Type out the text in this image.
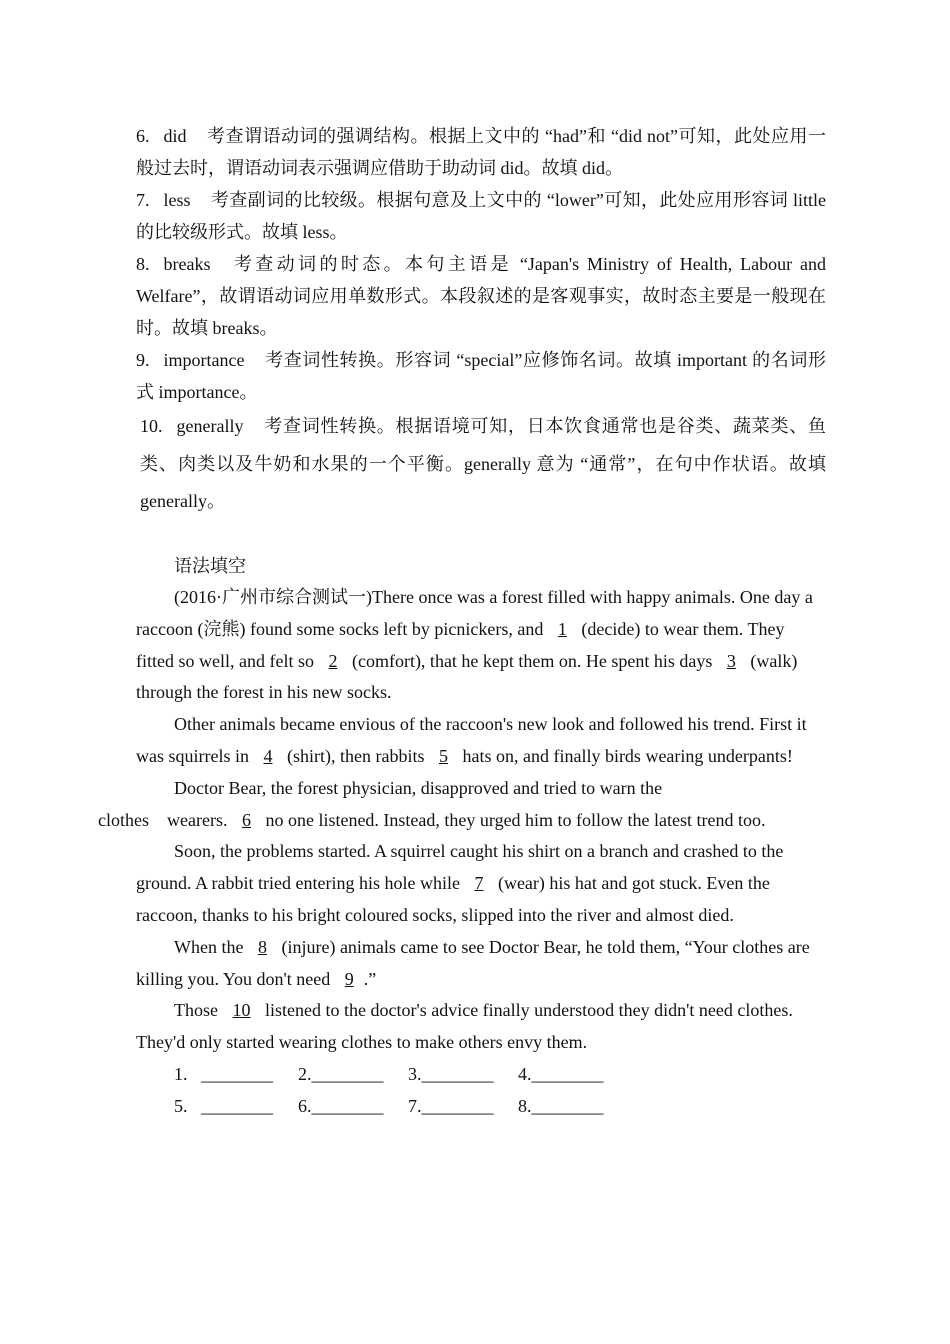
6. did 考查谓语动词的强调结构。根据上文中的 “had”和 “did not”可知，此处应用一般过去时，谓语动词表示强调应借助于助动词 did。故填 did。
7. less 考查副词的比较级。根据句意及上文中的 “lower”可知，此处应用形容词 little 的比较级形式。故填 less。
8. breaks 考查动词的时态。本句主语是 “Japan's Ministry of Health, Labour and Welfare”，故谓语动词应用单数形式。本段叙述的是客观事实，故时态主要是一般现在时。故填 breaks。
9. importance 考查词性转换。形容词 “special”应修饰名词。故填 important 的名词形式 importance。
10. generally 考查词性转换。根据语境可知，日本饮食通常也是谷类、蔬菜类、鱼类、肉类以及牛奶和水果的一个平衡。generally 意为 “通常”，在句中作状语。故填 generally。
语法填空

(2016·广州市综合测试一)There once was a forest filled with happy animals. One day a raccoon (浣熊) found some socks left by picnickers, and 1 (decide) to wear them. They fitted so well, and felt so 2 (comfort), that he kept them on. He spent his days 3 (walk) through the forest in his new socks.

Other animals became envious of the raccoon's new look and followed his trend. First it was squirrels in 4 (shirt), then rabbits 5 hats on, and finally birds wearing underpants!

Doctor Bear, the forest physician, disapproved and tried to warn the
clothes    wearers. 6 no one listened. Instead, they urged him to follow the latest trend too.

Soon, the problems started. A squirrel caught his shirt on a branch and crashed to the ground. A rabbit tried entering his hole while 7 (wear) his hat and got stuck. Even the raccoon, thanks to his bright coloured socks, slipped into the river and almost died.

When the 8 (injure) animals came to see Doctor Bear, he told them, “Your clothes are killing you. You don't need 9 .”

Those 10 listened to the doctor's advice finally understood they didn't need clothes. They'd only started wearing clothes to make others envy them.

1.   ________ 2.________ 3.________ 4.________
5.   ________ 6.________ 7.________ 8.________
